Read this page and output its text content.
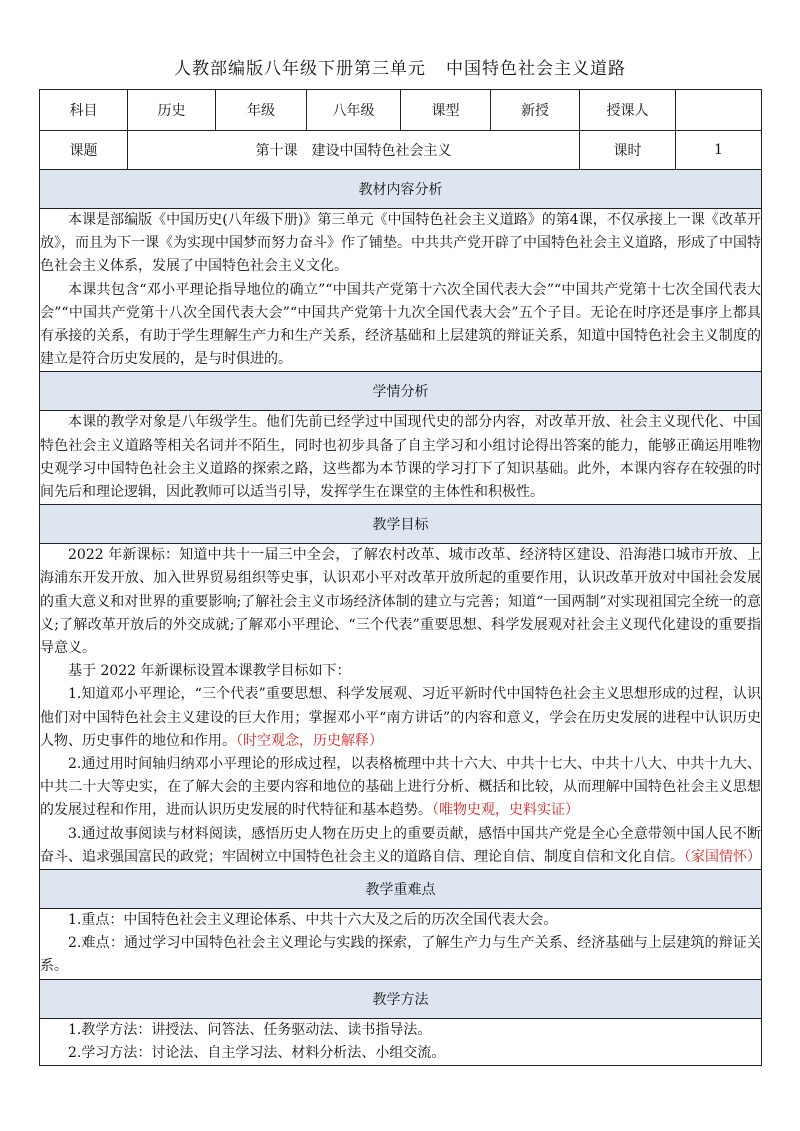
人教部编版八年级下册第三单元 中国特色社会主义道路
科目	历史	年级	八年级	课型	新授	授课人	
课题	第十课　建设中国特色社会主义					课时	1
教材内容分析							

本课是部编版《中国历史(八年级下册)》第三单元《中国特色社会主义道路》的第4课，不仅承接上一课《改革开放》，而且为下一课《为实现中国梦而努力奋斗》作了铺垫。中共共产党开辟了中国特色社会主义道路，形成了中国特色社会主义体系，发展了中国特色社会主义文化。

本课共包含“邓小平理论指导地位的确立”“中国共产党第十六次全国代表大会”“中国共产党第十七次全国代表大会”“中国共产党第十八次全国代表大会”“中国共产党第十九次全国代表大会”五个子目。无论在时序还是事序上都具有承接的关系，有助于学生理解生产力和生产关系，经济基础和上层建筑的辩证关系，知道中国特色社会主义制度的建立是符合历史发展的，是与时俱进的。							

学情分析							

本课的教学对象是八年级学生。他们先前已经学过中国现代史的部分内容，对改革开放、社会主义现代化、中国特色社会主义道路等相关名词并不陌生，同时也初步具备了自主学习和小组讨论得出答案的能力，能够正确运用唯物史观学习中国特色社会主义道路的探索之路，这些都为本节课的学习打下了知识基础。此外，本课内容存在较强的时间先后和理论逻辑，因此教师可以适当引导，发挥学生在课堂的主体性和积极性。							

教学目标							

2022 年新课标：知道中共十一届三中全会，了解农村改革、城市改革、经济特区建设、沿海港口城市开放、上海浦东开发开放、加入世界贸易组织等史事，认识邓小平对改革开放所起的重要作用，认识改革开放对中国社会发展的重大意义和对世界的重要影响;了解社会主义市场经济体制的建立与完善；知道“一国两制”对实现祖国完全统一的意义;了解改革开放后的外交成就;了解邓小平理论、“三个代表”重要思想、科学发展观对社会主义现代化建设的重要指导意义。

基于 2022 年新课标设置本课教学目标如下：

1.知道邓小平理论，“三个代表”重要思想、科学发展观、习近平新时代中国特色社会主义思想形成的过程，认识他们对中国特色社会主义建设的巨大作用；掌握邓小平“南方讲话”的内容和意义，学会在历史发展的进程中认识历史人物、历史事件的地位和作用。（时空观念，历史解释）

2.通过用时间轴归纳邓小平理论的形成过程，以表格梳理中共十六大、中共十七大、中共十八大、中共十九大、中共二十大等史实，在了解大会的主要内容和地位的基础上进行分析、概括和比较，从而理解中国特色社会主义思想的发展过程和作用，进而认识历史发展的时代特征和基本趋势。（唯物史观，史料实证）

3.通过故事阅读与材料阅读，感悟历史人物在历史上的重要贡献，感悟中国共产党是全心全意带领中国人民不断奋斗、追求强国富民的政党；牢固树立中国特色社会主义的道路自信、理论自信、制度自信和文化自信。（家国情怀）							

教学重难点							

1.重点：中国特色社会主义理论体系、中共十六大及之后的历次全国代表大会。

2.难点：通过学习中国特色社会主义理论与实践的探索，了解生产力与生产关系、经济基础与上层建筑的辩证关系。							

教学方法							

1.教学方法：讲授法、问答法、任务驱动法、读书指导法。

2.学习方法：讨论法、自主学习法、材料分析法、小组交流。							
